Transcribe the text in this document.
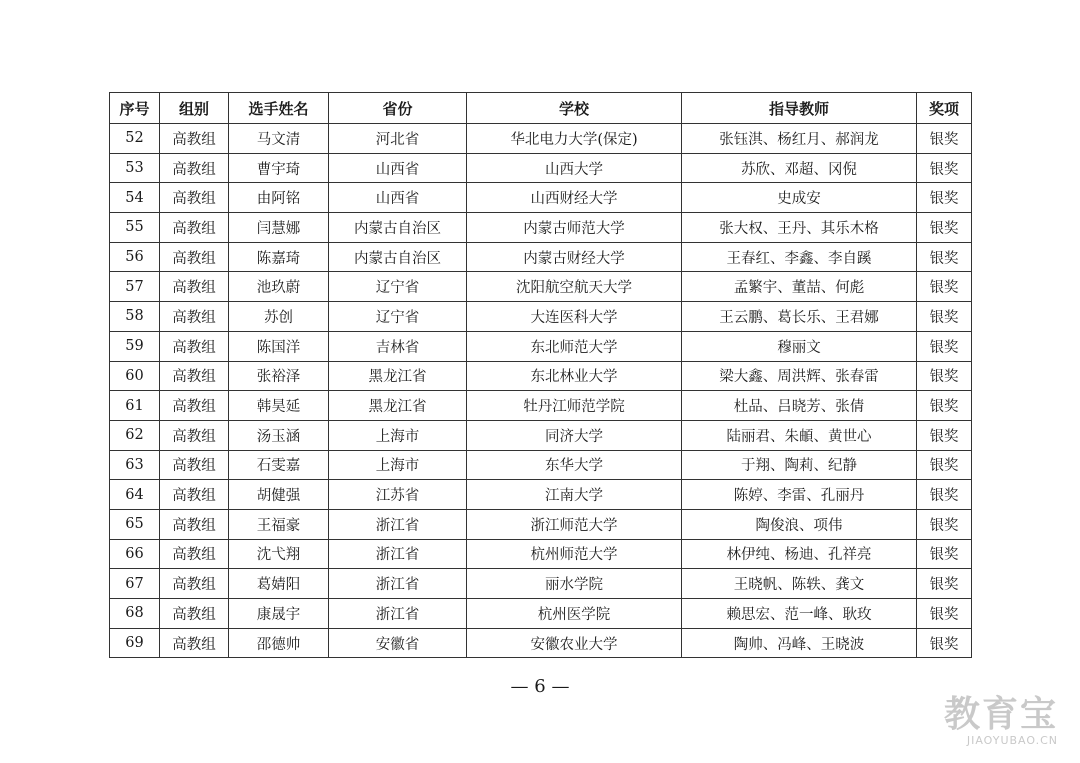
序号	组别	选手姓名	省份	学校	指导教师	奖项
52	高教组	马文清	河北省	华北电力大学(保定)	张钰淇、杨红月、郝润龙	银奖
53	高教组	曹宇琦	山西省	山西大学	苏欣、邓超、冈倪	银奖
54	高教组	由阿铭	山西省	山西财经大学	史成安	银奖
55	高教组	闫慧娜	内蒙古自治区	内蒙古师范大学	张大权、王丹、其乐木格	银奖
56	高教组	陈嘉琦	内蒙古自治区	内蒙古财经大学	王春红、李鑫、李自蹊	银奖
57	高教组	池玖蔚	辽宁省	沈阳航空航天大学	孟繁宇、董喆、何彪	银奖
58	高教组	苏创	辽宁省	大连医科大学	王云鹏、葛长乐、王君娜	银奖
59	高教组	陈国洋	吉林省	东北师范大学	穆丽文	银奖
60	高教组	张裕泽	黑龙江省	东北林业大学	梁大鑫、周洪辉、张春雷	银奖
61	高教组	韩昊延	黑龙江省	牡丹江师范学院	杜品、吕晓芳、张倩	银奖
62	高教组	汤玉涵	上海市	同济大学	陆丽君、朱頔、黄世心	银奖
63	高教组	石雯嘉	上海市	东华大学	于翔、陶莉、纪静	银奖
64	高教组	胡健强	江苏省	江南大学	陈婷、李雷、孔丽丹	银奖
65	高教组	王福豪	浙江省	浙江师范大学	陶俊浪、项伟	银奖
66	高教组	沈弋翔	浙江省	杭州师范大学	林伊纯、杨迪、孔祥亮	银奖
67	高教组	葛婧阳	浙江省	丽水学院	王晓帆、陈轶、龚文	银奖
68	高教组	康晟宇	浙江省	杭州医学院	赖思宏、范一峰、耿玫	银奖
69	高教组	邵德帅	安徽省	安徽农业大学	陶帅、冯峰、王晓波	银奖
— 6 —
教育宝
JIAOYUBAO.CN
